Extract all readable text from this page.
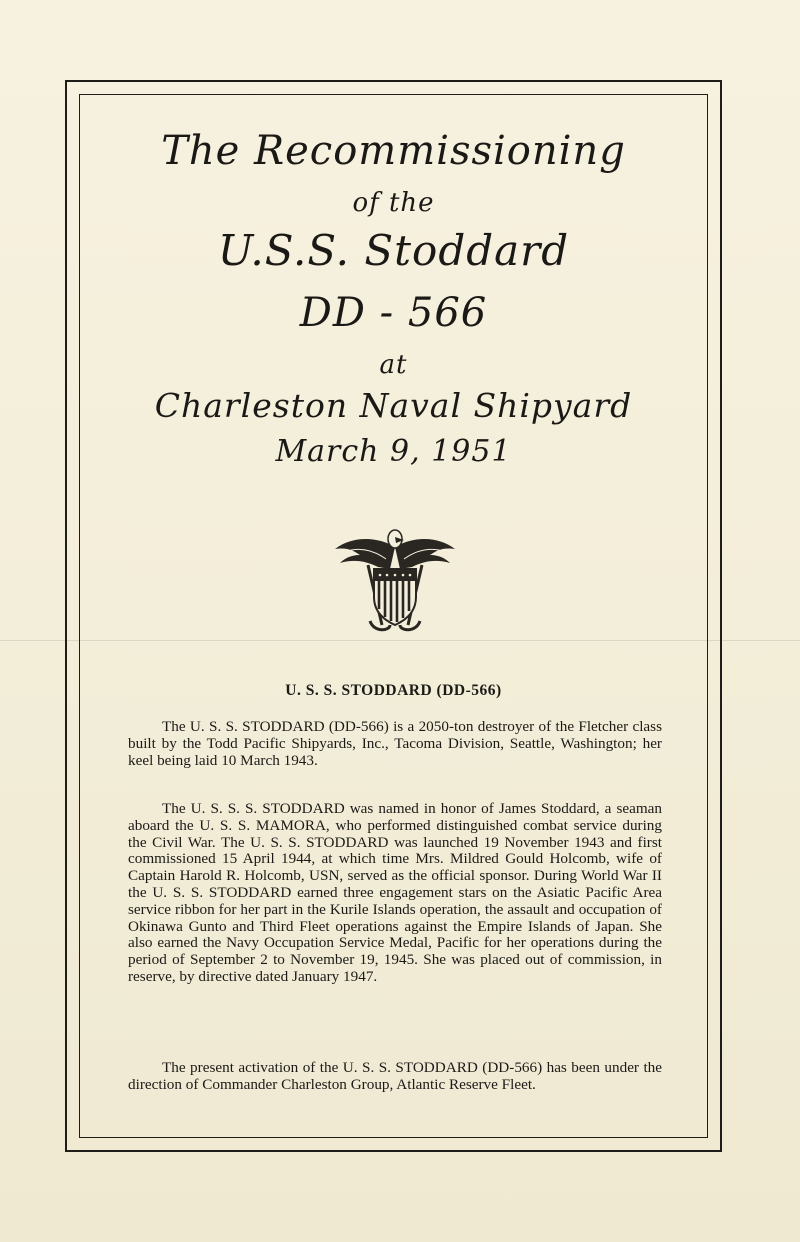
The Recommissioning
of the
U.S.S. Stoddard
DD - 566
at
Charleston Naval Shipyard
March 9, 1951
U. S. S. STODDARD (DD-566)
The U. S. S. STODDARD (DD-566) is a 2050-ton destroyer of the Fletcher class built by the Todd Pacific Shipyards, Inc., Tacoma Division, Seattle, Washington; her keel being laid 10 March 1943.
The U. S. S. S. STODDARD was named in honor of James Stoddard, a seaman aboard the U. S. S. MAMORA, who performed distinguished combat service during the Civil War. The U. S. S. STODDARD was launched 19 November 1943 and first commissioned 15 April 1944, at which time Mrs. Mildred Gould Holcomb, wife of Captain Harold R. Holcomb, USN, served as the official sponsor. During World War II the U. S. S. STODDARD earned three engagement stars on the Asiatic Pacific Area service ribbon for her part in the Kurile Islands operation, the assault and occupation of Okinawa Gunto and Third Fleet operations against the Empire Islands of Japan. She also earned the Navy Occupation Service Medal, Pacific for her operations during the period of September 2 to November 19, 1945. She was placed out of commission, in reserve, by directive dated January 1947.
The present activation of the U. S. S. STODDARD (DD-566) has been under the direction of Commander Charleston Group, Atlantic Reserve Fleet.
